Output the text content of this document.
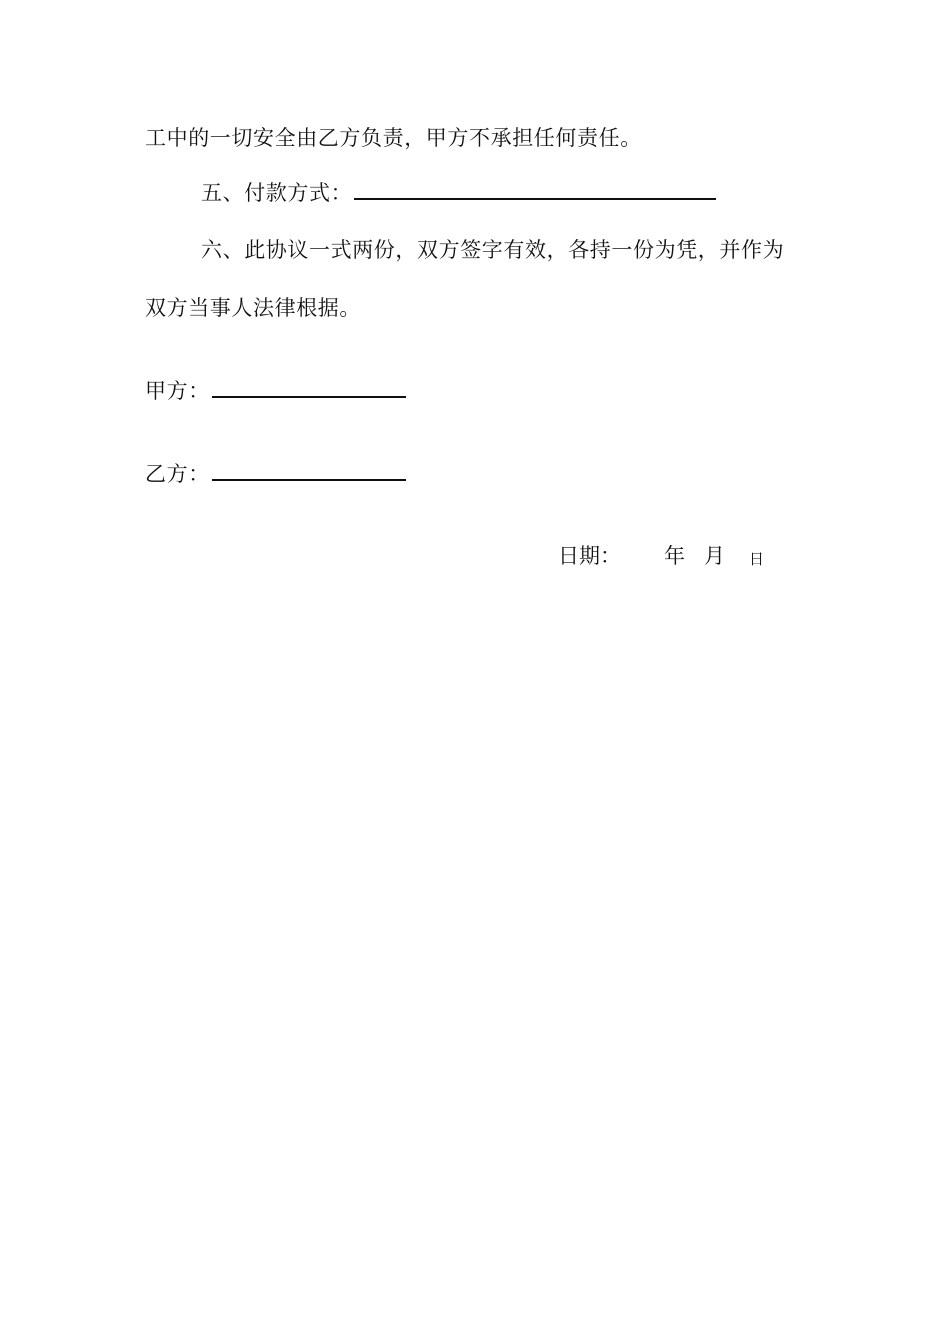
工中的一切安全由乙方负责，甲方不承担任何责任。
五、付款方式：
六、此协议一式两份，双方签字有效，各持一份为凭，并作为
双方当事人法律根据。
甲方：
乙方：
日期： 年 月 日
